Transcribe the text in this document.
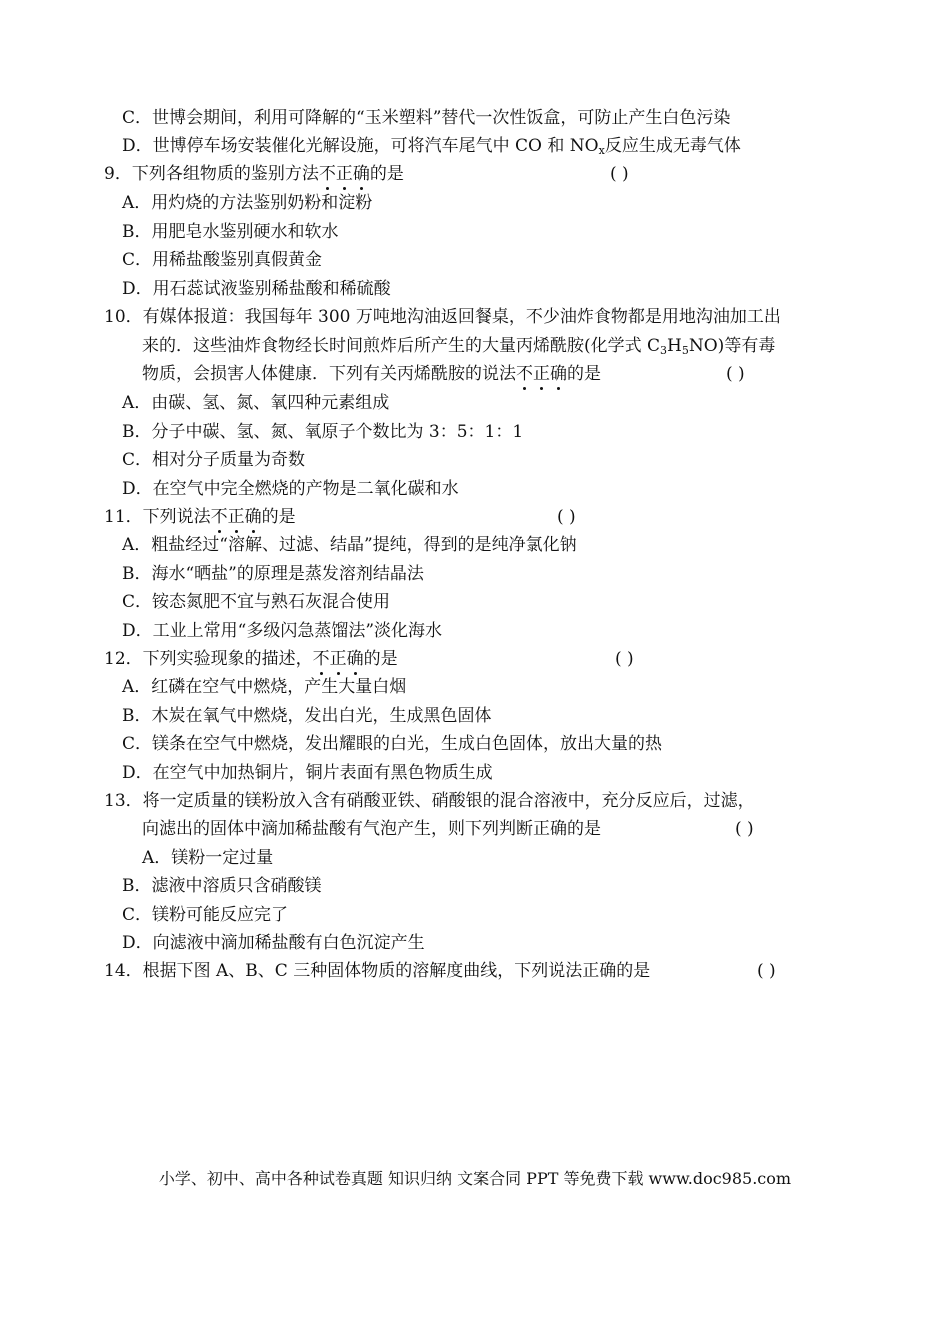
C．世博会期间，利用可降解的“玉米塑料”替代一次性饭盒，可防止产生白色污染
D．世博停车场安装催化光解设施，可将汽车尾气中 CO 和 $NO_x$反应生成无毒气体
9．下列各组物质的鉴别方法不正确的是	( )
A．用灼烧的方法鉴别奶粉和淀粉
B．用肥皂水鉴别硬水和软水
C．用稀盐酸鉴别真假黄金
D．用石蕊试液鉴别稀盐酸和稀硫酸
10．有媒体报道：我国每年 300 万吨地沟油返回餐桌，不少油炸食物都是用地沟油加工出
来的．这些油炸食物经长时间煎炸后所产生的大量丙烯酰胺(化学式 $C_3H_5NO$)等有毒
物质，会损害人体健康．下列有关丙烯酰胺的说法不正确的是	( )
A．由碳、氢、氮、氧四种元素组成
B．分子中碳、氢、氮、氧原子个数比为 3：5：1：1
C．相对分子质量为奇数
D．在空气中完全燃烧的产物是二氧化碳和水
11．下列说法不正确的是	( )
A．粗盐经过“溶解、过滤、结晶”提纯，得到的是纯净氯化钠
B．海水“晒盐”的原理是蒸发溶剂结晶法
C．铵态氮肥不宜与熟石灰混合使用
D．工业上常用“多级闪急蒸馏法”淡化海水
12．下列实验现象的描述，不正确的是	( )
A．红磷在空气中燃烧，产生大量白烟
B．木炭在氧气中燃烧，发出白光，生成黑色固体
C．镁条在空气中燃烧，发出耀眼的白光，生成白色固体，放出大量的热
D．在空气中加热铜片，铜片表面有黑色物质生成
13．将一定质量的镁粉放入含有硝酸亚铁、硝酸银的混合溶液中，充分反应后，过滤，
向滤出的固体中滴加稀盐酸有气泡产生，则下列判断正确的是	( )
A．镁粉一定过量
B．滤液中溶质只含硝酸镁
C．镁粉可能反应完了
D．向滤液中滴加稀盐酸有白色沉淀产生
14．根据下图 A、B、C 三种固体物质的溶解度曲线，下列说法正确的是	( )
小学、初中、高中各种试卷真题 知识归纳 文案合同 PPT 等免费下载 www.doc985.com
